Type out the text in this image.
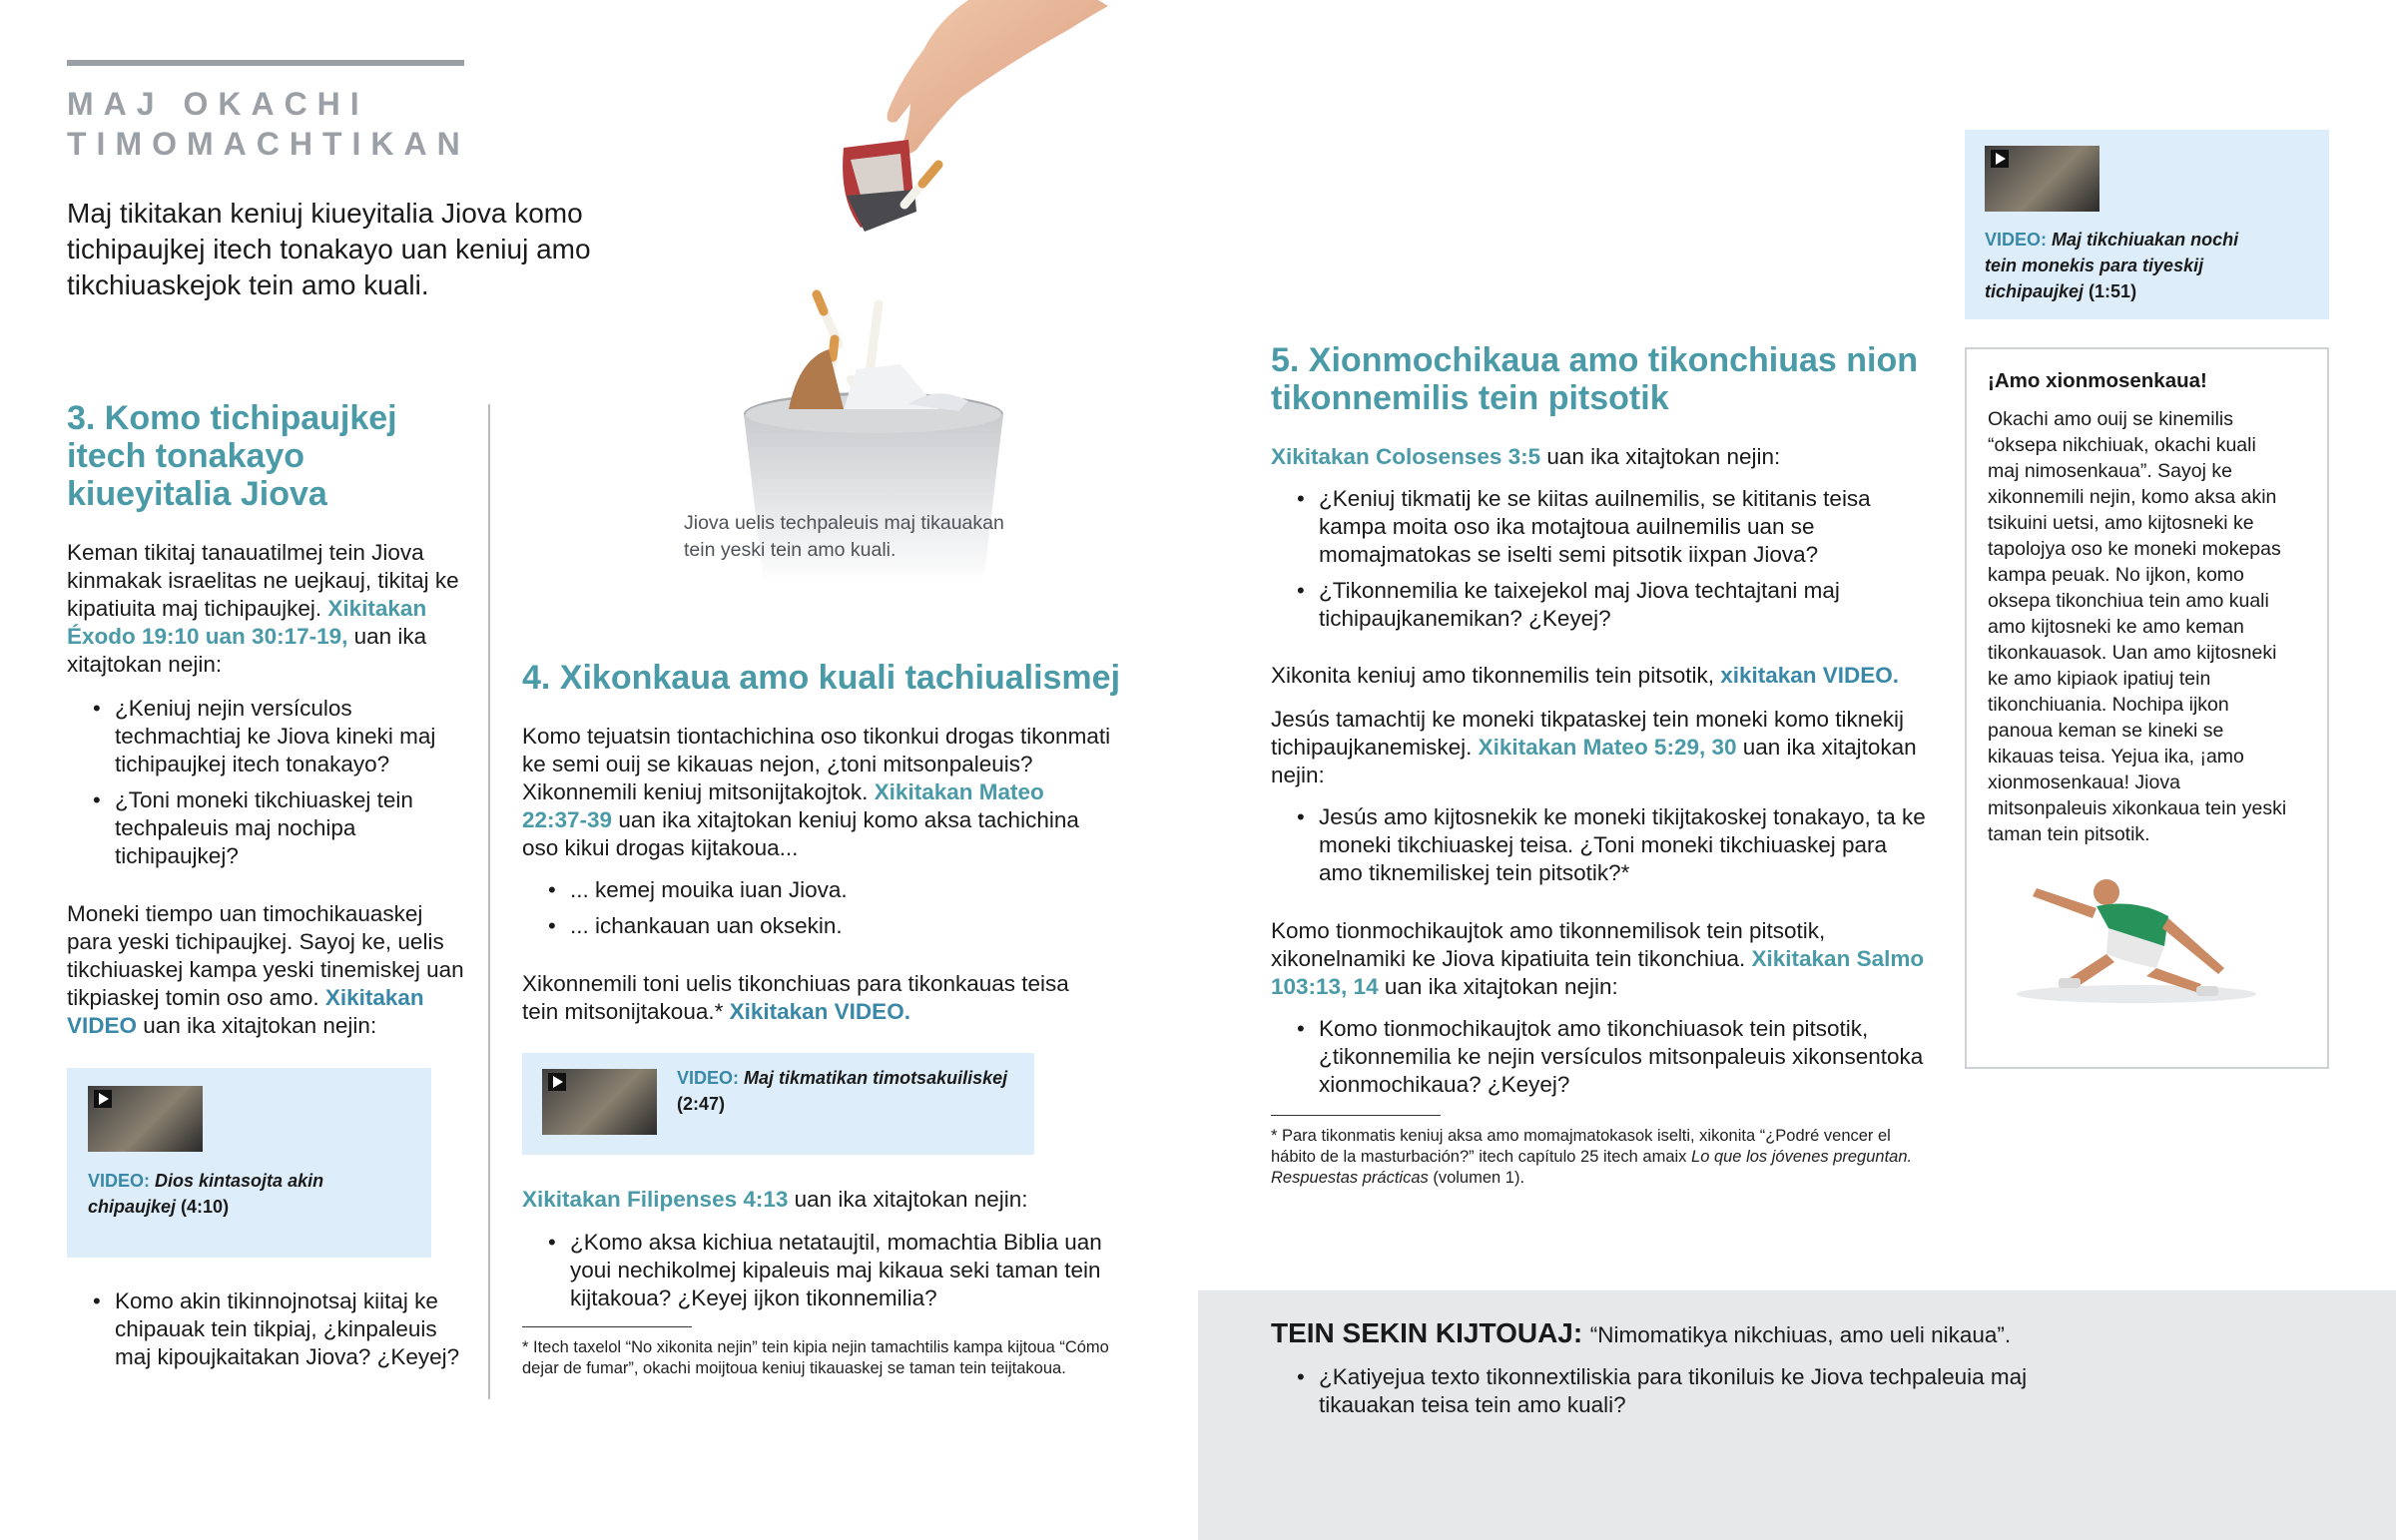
MAJ OKACHI
TIMOMACHTIKAN

Maj tikitakan keniuj kiueyitalia Jiova komo tichipaujkej itech tonakayo uan keniuj amo tikchiuaskejok tein amo kuali.

3. Komo tichipaujkej itech tonakayo kiueyitalia Jiova

Keman tikitaj tanauatilmej tein Jiova kinmakak israelitas ne uejkauj, tikitaj ke kipatiuita maj tichipaujkej. Xikitakan Éxodo 19:10 uan 30:17-19, uan ika xitajtokan nejin:

• ¿Keniuj nejin versículos techmachtiaj ke Jiova kineki maj tichipaujkej itech tonakayo?
• ¿Toni moneki tikchiuaskej tein techpaleuis maj nochipa tichipaujkej?

Moneki tiempo uan timochikauaskej para yeski tichipaujkej. Sayoj ke, uelis tikchiuaskej kampa yeski tinemiskej uan tikpiaskej tomin oso amo. Xikitakan VIDEO uan ika xitajtokan nejin:

VIDEO: Dios kintasojta akin chipaujkej (4:10)
• Komo akin tikinnojnotsaj kiitaj ke chipauak tein tikpiaj, ¿kinpaleuis maj kipoujkaitakan Jiova? ¿Keyej?

Jiova uelis techpaleuis maj tikauakan tein yeski tein amo kuali.

4. Xikonkaua amo kuali tachiualismej

Komo tejuatsin tiontachichina oso tikonkui drogas tikonmati ke semi ouij se kikauas nejon, ¿toni mitsonpaleuis? Xikonnemili keniuj mitsonijtakojtok. Xikitakan Mateo 22:37-39 uan ika xitajtokan keniuj komo aksa tachichina oso kikui drogas kijtakoua...

• ... kemej mouika iuan Jiova.
• ... ichankauan uan oksekin.

Xikonnemili toni uelis tikonchiuas para tikonkauas teisa tein mitsonijtakoua.* Xikitakan VIDEO.

VIDEO: Maj tikmatikan timotsakuiliskej (2:47)

Xikitakan Filipenses 4:13 uan ika xitajtokan nejin:

• ¿Komo aksa kichiua netataujtil, momachtia Biblia uan youi nechikolmej kipaleuis maj kikaua seki taman tein kijtakoua? ¿Keyej ijkon tikonnemilia?

* Itech taxelol “No xikonita nejin” tein kipia nejin tamachtilis kampa kijtoua “Cómo dejar de fumar”, okachi moijtoua keniuj tikauaskej se taman tein teijtakoua.

5. Xionmochikaua amo tikonchiuas nion tikonnemilis tein pitsotik

Xikitakan Colosenses 3:5 uan ika xitajtokan nejin:

• ¿Keniuj tikmatij ke se kiitas auilnemilis, se kititanis teisa kampa moita oso ika motajtoua auilnemilis uan se momajmatokas se iselti semi pitsotik iixpan Jiova?
• ¿Tikonnemilia ke taixejekol maj Jiova techtajtani maj tichipaujkanemikan? ¿Keyej?

Xikonita keniuj amo tikonnemilis tein pitsotik, xikitakan VIDEO.

Jesús tamachtij ke moneki tikpataskej tein moneki komo tiknekij tichipaujkanemiskej. Xikitakan Mateo 5:29, 30 uan ika xitajtokan nejin:

• Jesús amo kijtosnekik ke moneki tikijtakoskej tonakayo, ta ke moneki tikchiuaskej teisa. ¿Toni moneki tikchiuaskej para amo tiknemiliskej tein pitsotik?*

Komo tionmochikaujtok amo tikonnemilisok tein pitsotik, xikonelnamiki ke Jiova kipatiuita tein tikonchiua. Xikitakan Salmo 103:13, 14 uan ika xitajtokan nejin:

• Komo tionmochikaujtok amo tikonchiuasok tein pitsotik, ¿tikonnemilia ke nejin versículos mitsonpaleuis xikonsentoka xionmochikaua? ¿Keyej?

* Para tikonmatis keniuj aksa amo momajmatokasok iselti, xikonita “¿Podré vencer el hábito de la masturbación?” itech capítulo 25 itech amaix Lo que los jóvenes preguntan. Respuestas prácticas (volumen 1).

VIDEO: Maj tikchiuakan nochi tein monekis para tiyeskij tichipaujkej (1:51)
¡Amo xionmosenkaua!

Okachi amo ouij se kinemilis “oksepa nikchiuak, okachi kuali maj nimosenkaua”. Sayoj ke xikonnemili nejin, komo aksa akin tsikuini uetsi, amo kijtosneki ke tapolojya oso ke moneki mokepas kampa peuak. No ijkon, komo oksepa tikonchiua tein amo kuali amo kijtosneki ke amo keman tikonkauasok. Uan amo kijtosneki ke amo kipiaok ipatiuj tein tikonchiuania. Nochipa ijkon panoua keman se kineki se kikauas teisa. Yejua ika, ¡amo xionmosenkaua! Jiova mitsonpaleuis xikonkaua tein yeski taman tein pitsotik.

TEIN SEKIN KIJTOUAJ: “Nimomatikya nikchiuas, amo ueli nikaua”.

• ¿Katiyejua texto tikonnextiliskia para tikoniluis ke Jiova techpaleuia maj tikauakan teisa tein amo kuali?
